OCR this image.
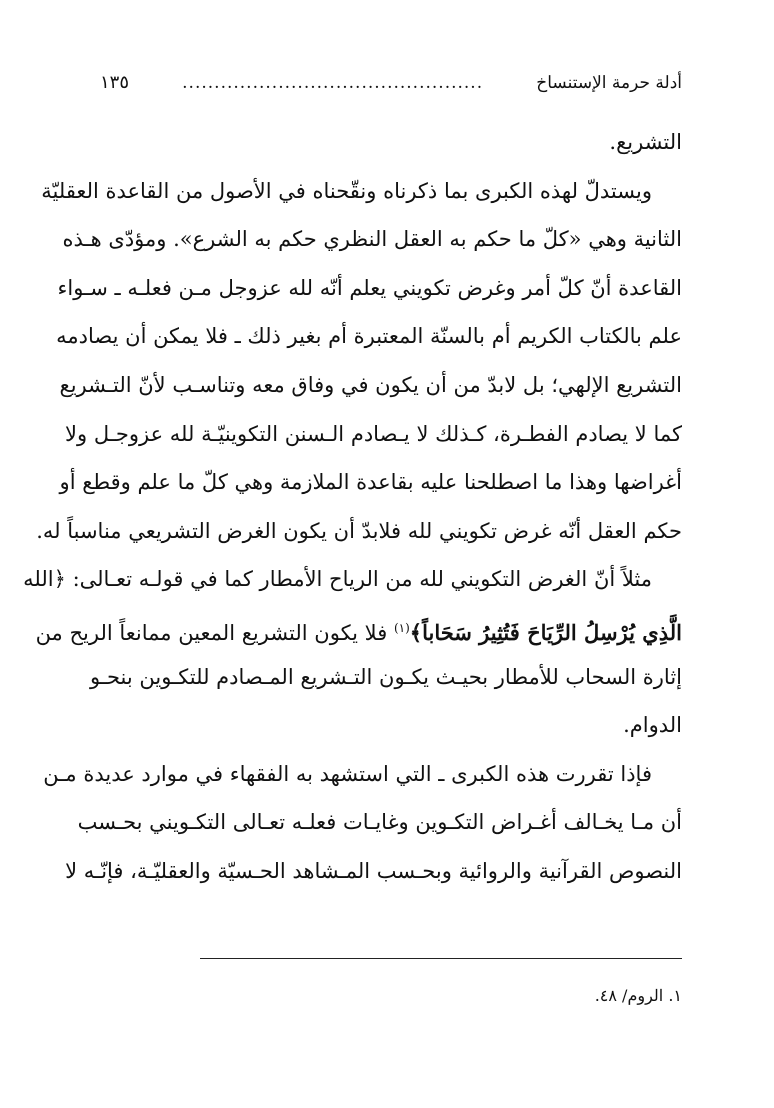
أدلة حرمة الإستنساخ
...............................................
١٣٥
التشريع.
ويستدلّ لهذه الكبرى بما ذكرناه ونقّحناه في الأصول من القاعدة العقليّة
الثانية وهي «كلّ ما حكم به العقل النظري حكم به الشرع». ومؤدّى هـذه
القاعدة أنّ كلّ أمر وغرض تكويني يعلم أنّه لله عزوجل مـن فعلـه ـ سـواء
علم بالكتاب الكريم أم بالسنّة المعتبرة أم بغير ذلك ـ فلا يمكن أن يصادمه
التشريع الإلهي؛ بل لابدّ من أن يكون في وفاق معه وتناسـب لأنّ التـشريع
كما لا يصادم الفطـرة، كـذلك لا يـصادم الـسنن التكوينيّـة لله عزوجـل ولا
أغراضها وهذا ما اصطلحنا عليه بقاعدة الملازمة وهي كلّ ما علم وقطع أو
حكم العقل أنّه غرض تكويني لله فلابدّ أن يكون الغرض التشريعي مناسباً له.
مثلاً أنّ الغرض التكويني لله من الرياح الأمطار كما في قولـه تعـالى: ﴿الله
الَّذِي يُرْسِلُ الرِّيَاحَ فَتُثِيرُ سَحَاباً﴾$^{(١)}$ فلا يكون التشريع المعين ممانعاً الريح من
إثارة السحاب للأمطار بحيـث يكـون التـشريع المـصادم للتكـوين بنحـو
الدوام.
فإذا تقررت هذه الكبرى ـ التي استشهد به الفقهاء في موارد عديدة مـن
أن مـا يخـالف أغـراض التكـوين وغايـات فعلـه تعـالى التكـويني بحـسب
النصوص القرآنية والروائية وبحـسب المـشاهد الحـسيّة والعقليّـة، فإنّـه لا
١. الروم/ ٤٨.
